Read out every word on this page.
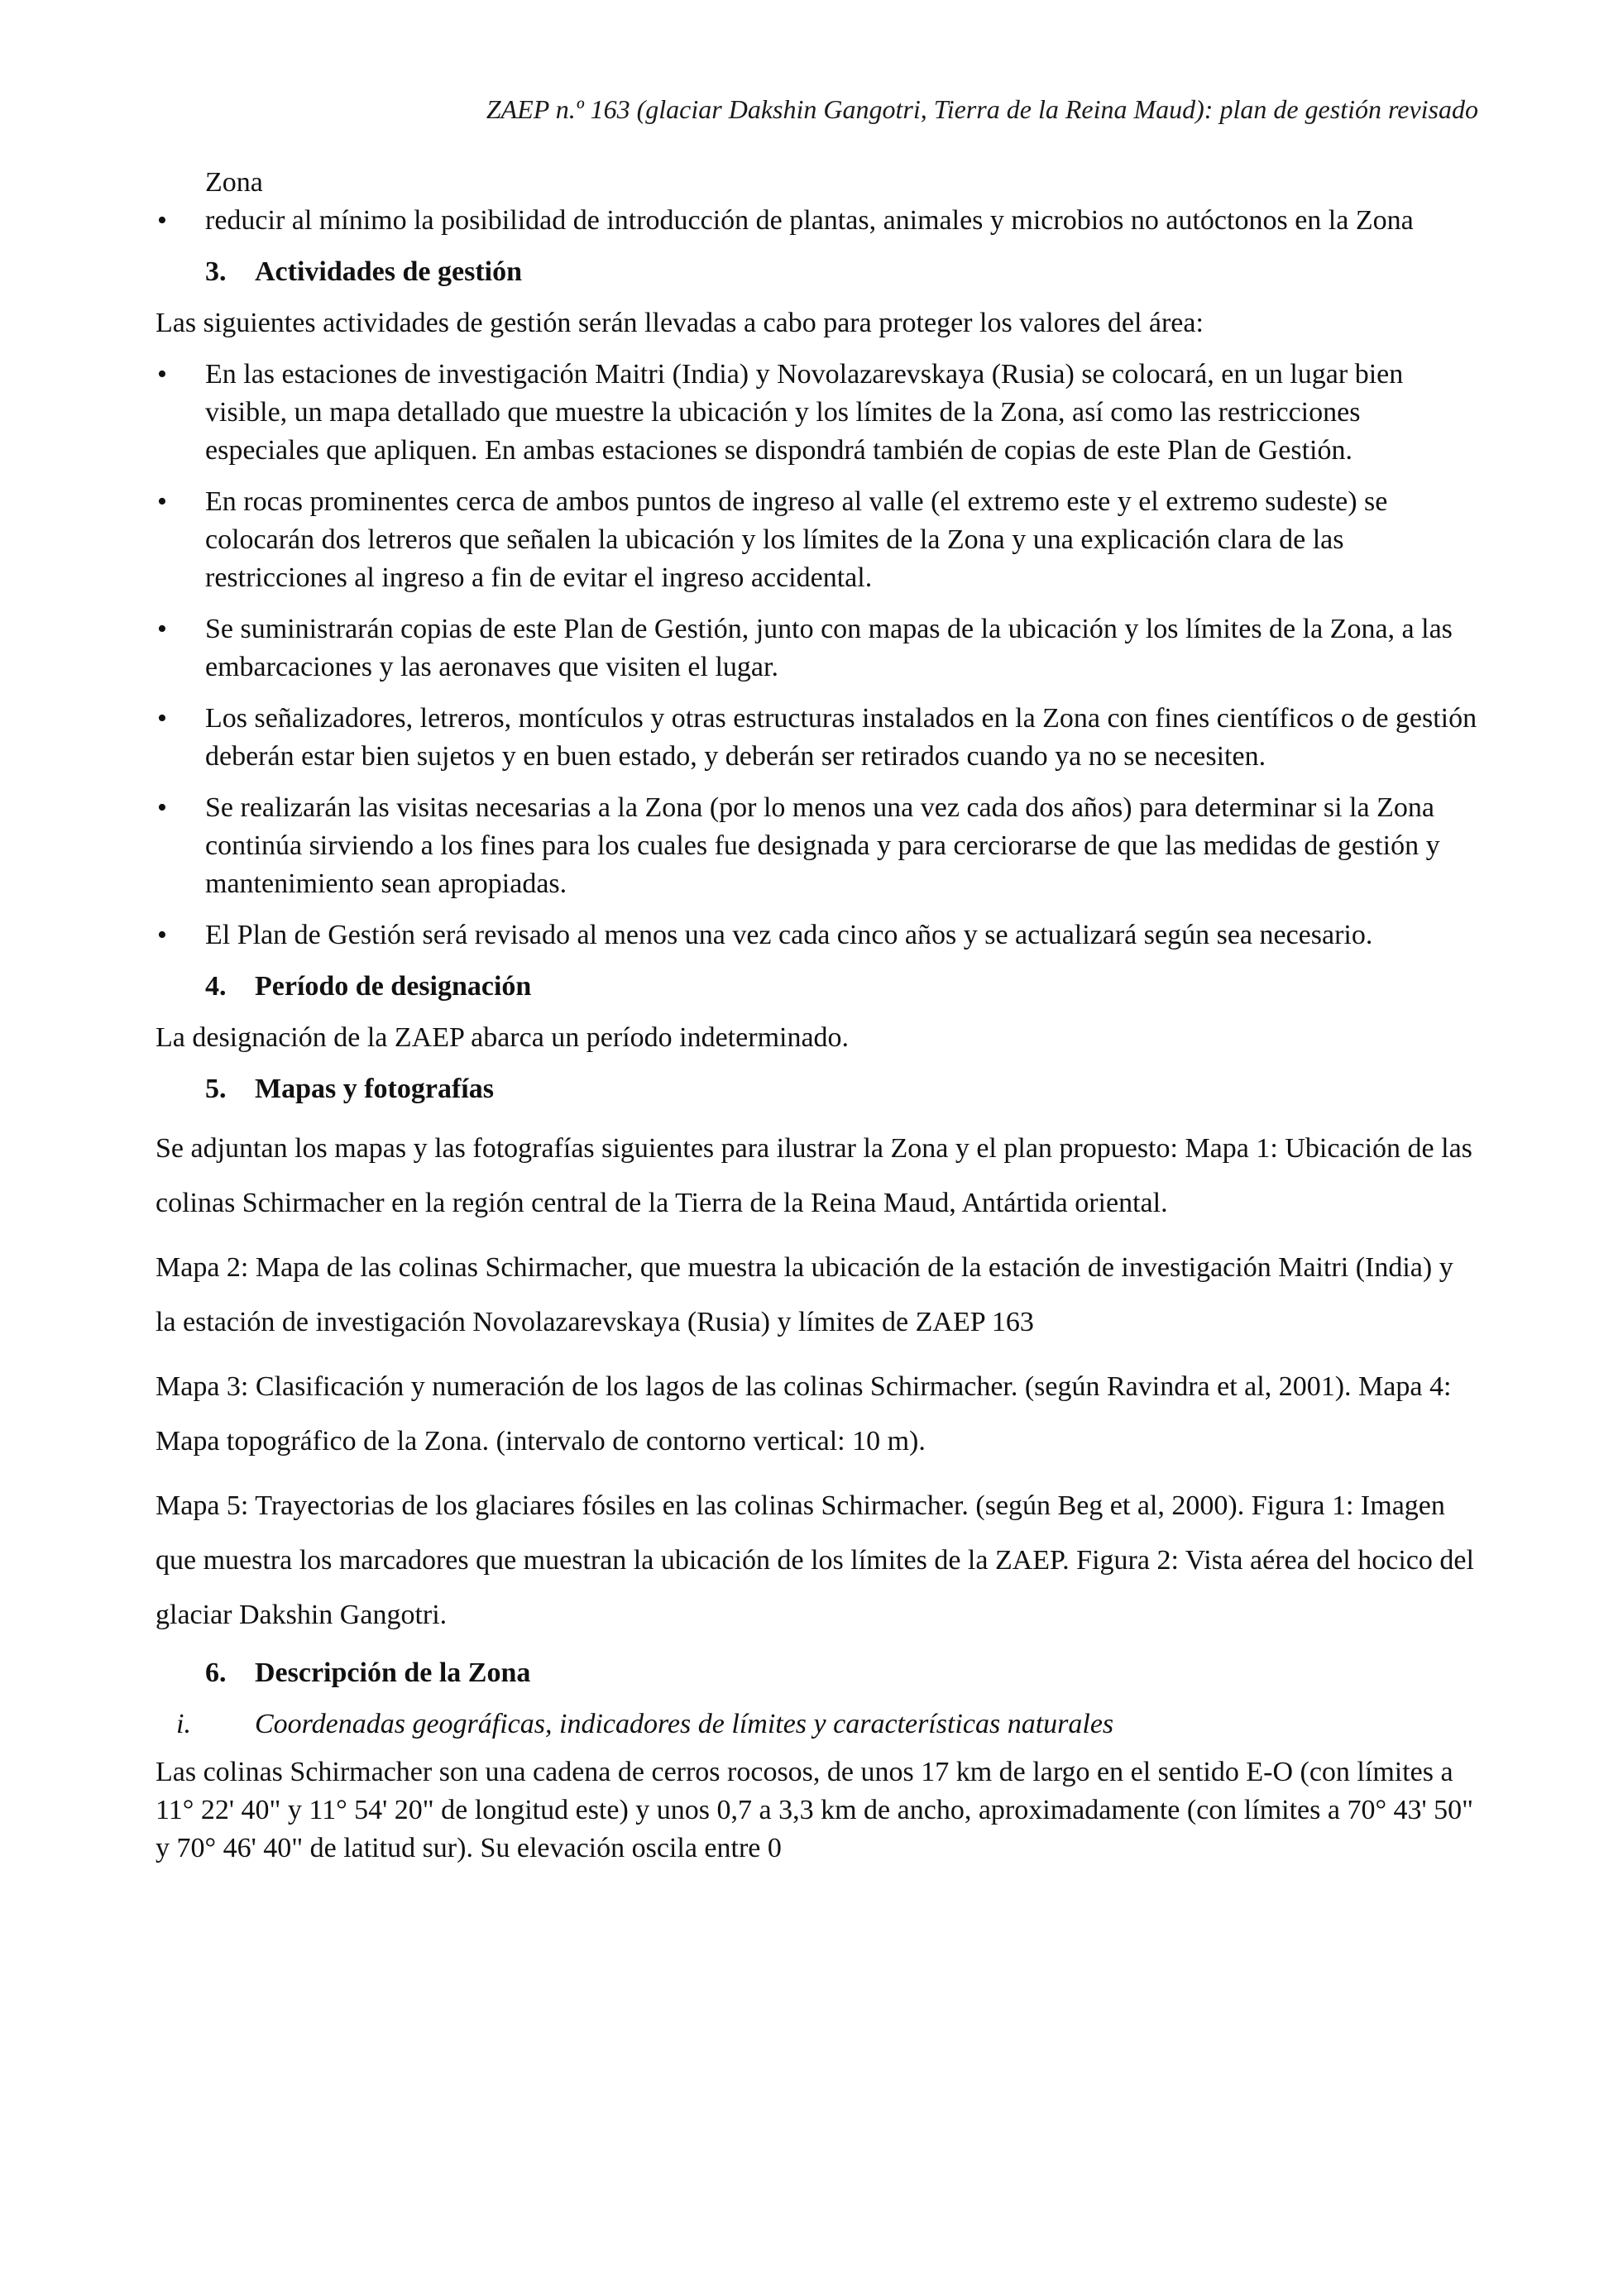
ZAEP n.º 163 (glaciar Dakshin Gangotri, Tierra de la Reina Maud): plan de gestión revisado
Zona
• reducir al mínimo la posibilidad de introducción de plantas, animales y microbios no autóctonos en la Zona
3. Actividades de gestión
Las siguientes actividades de gestión serán llevadas a cabo para proteger los valores del área:
• En las estaciones de investigación Maitri (India) y Novolazarevskaya (Rusia) se colocará, en un lugar bien visible, un mapa detallado que muestre la ubicación y los límites de la Zona, así como las restricciones especiales que apliquen. En ambas estaciones se dispondrá también de copias de este Plan de Gestión.
• En rocas prominentes cerca de ambos puntos de ingreso al valle (el extremo este y el extremo sudeste) se colocarán dos letreros que señalen la ubicación y los límites de la Zona y una explicación clara de las restricciones al ingreso a fin de evitar el ingreso accidental.
• Se suministrarán copias de este Plan de Gestión, junto con mapas de la ubicación y los límites de la Zona, a las embarcaciones y las aeronaves que visiten el lugar.
• Los señalizadores, letreros, montículos y otras estructuras instalados en la Zona con fines científicos o de gestión deberán estar bien sujetos y en buen estado, y deberán ser retirados cuando ya no se necesiten.
• Se realizarán las visitas necesarias a la Zona (por lo menos una vez cada dos años) para determinar si la Zona continúa sirviendo a los fines para los cuales fue designada y para cerciorarse de que las medidas de gestión y mantenimiento sean apropiadas.
• El Plan de Gestión será revisado al menos una vez cada cinco años y se actualizará según sea necesario.
4. Período de designación
La designación de la ZAEP abarca un período indeterminado.
5. Mapas y fotografías
Se adjuntan los mapas y las fotografías siguientes para ilustrar la Zona y el plan propuesto: Mapa 1: Ubicación de las colinas Schirmacher en la región central de la Tierra de la Reina Maud, Antártida oriental.
Mapa 2: Mapa de las colinas Schirmacher, que muestra la ubicación de la estación de investigación Maitri (India) y la estación de investigación Novolazarevskaya (Rusia) y límites de ZAEP 163
Mapa 3: Clasificación y numeración de los lagos de las colinas Schirmacher. (según Ravindra et al, 2001). Mapa 4: Mapa topográfico de la Zona. (intervalo de contorno vertical: 10 m).
Mapa 5: Trayectorias de los glaciares fósiles en las colinas Schirmacher. (según Beg et al, 2000). Figura 1: Imagen que muestra los marcadores que muestran la ubicación de los límites de la ZAEP. Figura 2: Vista aérea del hocico del glaciar Dakshin Gangotri.
6. Descripción de la Zona
i. Coordenadas geográficas, indicadores de límites y características naturales
Las colinas Schirmacher son una cadena de cerros rocosos, de unos 17 km de largo en el sentido E-O (con límites a 11° 22' 40" y 11° 54' 20" de longitud este) y unos 0,7 a 3,3 km de ancho, aproximadamente (con límites a 70° 43' 50" y 70° 46' 40" de latitud sur). Su elevación oscila entre 0
